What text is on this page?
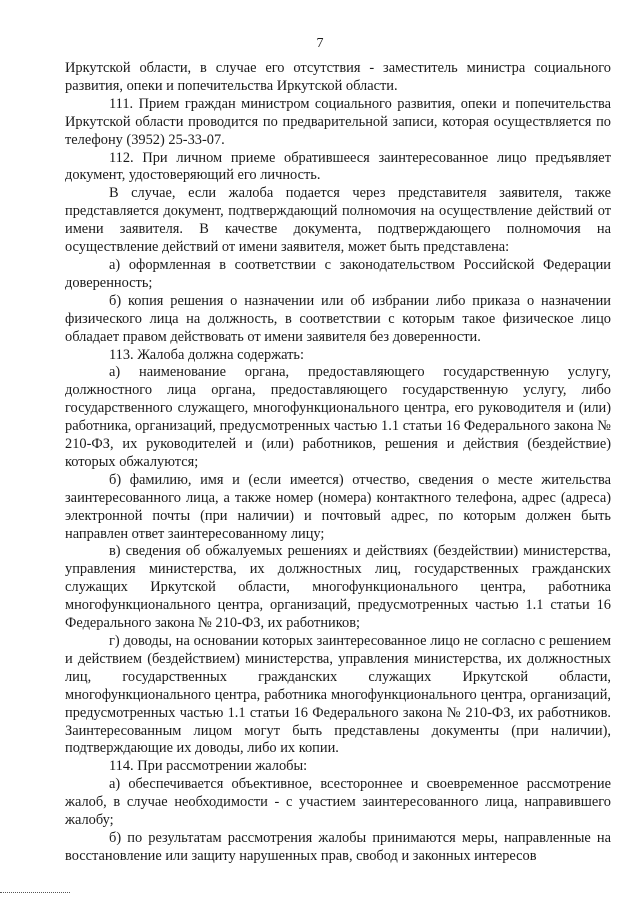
7

Иркутской области, в случае его отсутствия - заместитель министра социального развития, опеки и попечительства Иркутской области.

111. Прием граждан министром социального развития, опеки и попечительства Иркутской области проводится по предварительной записи, которая осуществляется по телефону (3952) 25-33-07.

112. При личном приеме обратившееся заинтересованное лицо предъявляет документ, удостоверяющий его личность.

В случае, если жалоба подается через представителя заявителя, также представляется документ, подтверждающий полномочия на осуществление действий от имени заявителя. В качестве документа, подтверждающего полномочия на осуществление действий от имени заявителя, может быть представлена:

а) оформленная в соответствии с законодательством Российской Федерации доверенность;

б) копия решения о назначении или об избрании либо приказа о назначении физического лица на должность, в соответствии с которым такое физическое лицо обладает правом действовать от имени заявителя без доверенности.

113. Жалоба должна содержать:

а) наименование органа, предоставляющего государственную услугу, должностного лица органа, предоставляющего государственную услугу, либо государственного служащего, многофункционального центра, его руководителя и (или) работника, организаций, предусмотренных частью 1.1 статьи 16 Федерального закона № 210-ФЗ, их руководителей и (или) работников, решения и действия (бездействие) которых обжалуются;

б) фамилию, имя и (если имеется) отчество, сведения о месте жительства заинтересованного лица, а также номер (номера) контактного телефона, адрес (адреса) электронной почты (при наличии) и почтовый адрес, по которым должен быть направлен ответ заинтересованному лицу;

в) сведения об обжалуемых решениях и действиях (бездействии) министерства, управления министерства, их должностных лиц, государственных гражданских служащих Иркутской области, многофункционального центра, работника многофункционального центра, организаций, предусмотренных частью 1.1 статьи 16 Федерального закона № 210-ФЗ, их работников;

г) доводы, на основании которых заинтересованное лицо не согласно с решением и действием (бездействием) министерства, управления министерства, их должностных лиц, государственных гражданских служащих Иркутской области, многофункционального центра, работника многофункционального центра, организаций, предусмотренных частью 1.1 статьи 16 Федерального закона № 210-ФЗ, их работников. Заинтересованным лицом могут быть представлены документы (при наличии), подтверждающие их доводы, либо их копии.

114. При рассмотрении жалобы:

а) обеспечивается объективное, всестороннее и своевременное рассмотрение жалоб, в случае необходимости - с участием заинтересованного лица, направившего жалобу;

б) по результатам рассмотрения жалобы принимаются меры, направленные на восстановление или защиту нарушенных прав, свобод и законных интересов
